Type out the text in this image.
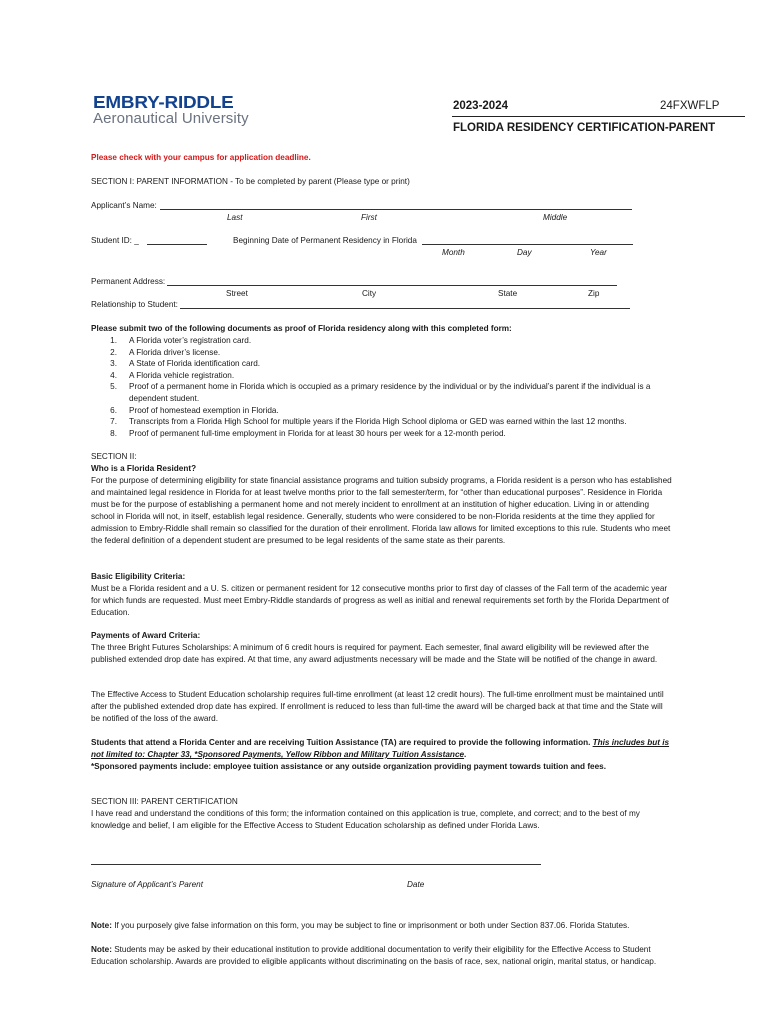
EMBRY-RIDDLE
Aeronautical University
2023-2024	24FXWFLP
FLORIDA RESIDENCY CERTIFICATION-PARENT
Please check with your campus for application deadline.
SECTION I: PARENT INFORMATION - To be completed by parent (Please type or print)
Applicant’s Name:
Last	First	Middle
Student ID: _	Beginning Date of Permanent Residency in Florida
Month	Day	Year
Permanent Address:
Street	City	State	Zip
Relationship to Student:
Please submit two of the following documents as proof of Florida residency along with this completed form:
1.	A Florida voter’s registration card.
2.	A Florida driver’s license.
3.	A State of Florida identification card.
4.	A Florida vehicle registration.
5.	Proof of a permanent home in Florida which is occupied as a primary residence by the individual or by the individual’s parent if the individual is a dependent student.
6.	Proof of homestead exemption in Florida.
7.	Transcripts from a Florida High School for multiple years if the Florida High School diploma or GED was earned within the last 12 months.
8.	Proof of permanent full-time employment in Florida for at least 30 hours per week for a 12-month period.
SECTION II:
Who is a Florida Resident?
For the purpose of determining eligibility for state financial assistance programs and tuition subsidy programs, a Florida resident is a person who has established and maintained legal residence in Florida for at least twelve months prior to the fall semester/term, for “other than educational purposes”. Residence in Florida must be for the purpose of establishing a permanent home and not merely incident to enrollment at an institution of higher education. Living in or attending school in Florida will not, in itself, establish legal residence. Generally, students who were considered to be non-Florida residents at the time they applied for admission to Embry-Riddle shall remain so classified for the duration of their enrollment. Florida law allows for limited exceptions to this rule. Students who meet the federal definition of a dependent student are presumed to be legal residents of the same state as their parents.
Basic Eligibility Criteria:
Must be a Florida resident and a U. S. citizen or permanent resident for 12 consecutive months prior to first day of classes of the Fall term of the academic year for which funds are requested. Must meet Embry-Riddle standards of progress as well as initial and renewal requirements set forth by the Florida Department of Education.
Payments of Award Criteria:
The three Bright Futures Scholarships: A minimum of 6 credit hours is required for payment. Each semester, final award eligibility will be reviewed after the published extended drop date has expired. At that time, any award adjustments necessary will be made and the State will be notified of the change in award.
The Effective Access to Student Education scholarship requires full-time enrollment (at least 12 credit hours). The full-time enrollment must be maintained until after the published extended drop date has expired. If enrollment is reduced to less than full-time the award will be charged back at that time and the State will be notified of the loss of the award.
Students that attend a Florida Center and are receiving Tuition Assistance (TA) are required to provide the following information. This includes but is not limited to: Chapter 33, *Sponsored Payments, Yellow Ribbon and Military Tuition Assistance.
*Sponsored payments include: employee tuition assistance or any outside organization providing payment towards tuition and fees.
SECTION III: PARENT CERTIFICATION
I have read and understand the conditions of this form; the information contained on this application is true, complete, and correct; and to the best of my knowledge and belief, I am eligible for the Effective Access to Student Education scholarship as defined under Florida Laws.
Signature of Applicant’s Parent	Date
Note: If you purposely give false information on this form, you may be subject to fine or imprisonment or both under Section 837.06. Florida Statutes.
Note: Students may be asked by their educational institution to provide additional documentation to verify their eligibility for the Effective Access to Student Education scholarship. Awards are provided to eligible applicants without discriminating on the basis of race, sex, national origin, marital status, or handicap.
